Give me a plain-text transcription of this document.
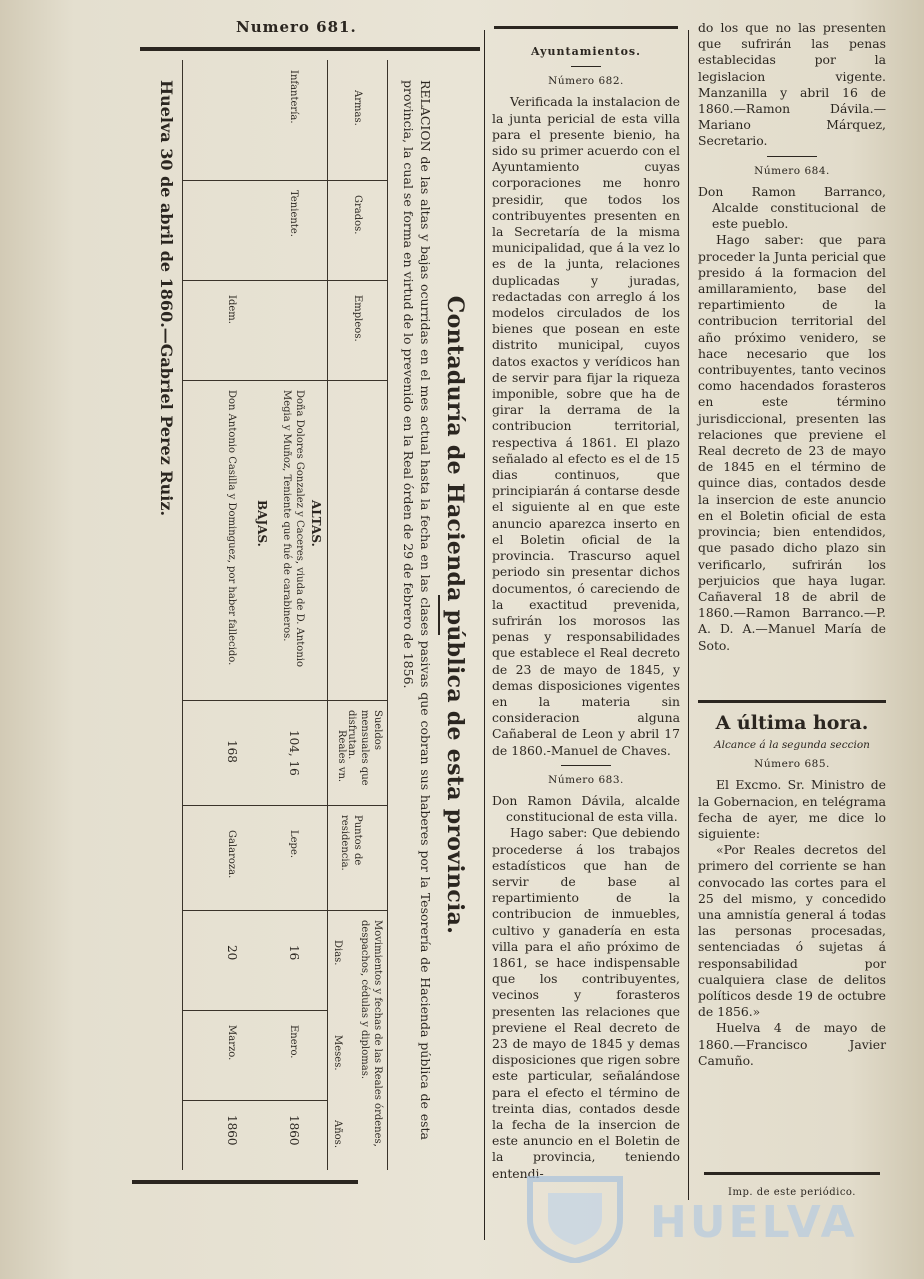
Numero 681.
Contaduría de Hacienda pública de esta provincia.
RELACION de las altas y bajas ocurridas en el mes actual hasta la fecha en las clases pasivas que cobran sus haberes por la Tesorería de Hacienda pública de esta provincia, la cual se forma en virtud de lo prevenido en la Real órden de 29 de febrero de 1856.
Armas.
Grados.
Empleos.
Sueldos mensuales que disfrutan.
Reales vn.
Puntos de residencia.
Movimientos y fechas de las Reales órdenes, despachos, cédulas y diplomas.
Dias.
Meses.
Años.
ALTAS.
Infantería.
Teniente.
Doña Dolores Gonzalez y Caceres, viuda de D. Antonio Megia y Muñoz, Teniente que fué de carabineros.
104, 16
Lepe.
16
Enero.
1860
BAJAS.
Idem.
Don Antonio Casilla y Dominguez, por haber fallecido.
168
Galaroza.
20
Marzo.
1860
Huelva 30 de abril de 1860.—Gabriel Perez Ruiz.
Ayuntamientos.
Número 682.

Verificada la instalacion de la junta pericial de esta villa para el presente bienio, ha sido su primer acuerdo con el Ayuntamiento cuyas corporaciones me honro presidir, que todos los contribuyentes presenten en la Secretaría de la misma municipalidad, que á la vez lo es de la junta, relaciones duplicadas y juradas, redactadas con arreglo á los modelos circulados de los bienes que posean en este distrito municipal, cuyos datos exactos y verídicos han de servir para fijar la riqueza imponible, sobre que ha de girar la derrama de la contribucion territorial, respectiva á 1861. El plazo señalado al efecto es el de 15 dias continuos, que principiarán á contarse desde el siguiente al en que este anuncio aparezca inserto en el Boletin oficial de la provincia. Trascurso aquel periodo sin presentar dichos documentos, ó careciendo de la exactitud prevenida, sufrirán los morosos las penas y responsabilidades que establece el Real decreto de 23 de mayo de 1845, y demas disposiciones vigentes en la materia sin consideracion alguna Cañaberal de Leon y abril 17 de 1860.-Manuel de Chaves.

Número 683.

Don Ramon Dávila, alcalde constitucional de esta villa.

Hago saber: Que debiendo procederse á los trabajos estadísticos que han de servir de base al repartimiento de la contribucion de inmuebles, cultivo y ganadería en esta villa para el año próximo de 1861, se hace indispensable que los contribuyentes, vecinos y forasteros presenten las relaciones que previene el Real decreto de 23 de mayo de 1845 y demas disposiciones que rigen sobre este particular, señalándose para el efecto el término de treinta dias, contados desde la fecha de la insercion de este anuncio en el Boletin de la provincia, teniendo entendi-

do los que no las presenten que sufrirán las penas establecidas por la legislacion vigente. Manzanilla y abril 16 de 1860.—Ramon Dávila.—Mariano Márquez, Secretario.

Número 684.

Don Ramon Barranco, Alcalde constitucional de este pueblo.

Hago saber: que para proceder la Junta pericial que presido á la formacion del amillaramiento, base del repartimiento de la contribucion territorial del año próximo venidero, se hace necesario que los contribuyentes, tanto vecinos como hacendados forasteros en este término jurisdiccional, presenten las relaciones que previene el Real decreto de 23 de mayo de 1845 en el término de quince dias, contados desde la insercion de este anuncio en el Boletin oficial de esta provincia; bien entendidos, que pasado dicho plazo sin verificarlo, sufrirán los perjuicios que haya lugar. Cañaveral 18 de abril de 1860.—Ramon Barranco.—P. A. D. A.—Manuel María de Soto.

A última hora.
Alcance á la segunda seccion
Número 685.

El Excmo. Sr. Ministro de la Gobernacion, en telégrama fecha de ayer, me dice lo siguiente:

«Por Reales decretos del primero del corriente se han convocado las cortes para el 25 del mismo, y concedido una amnistía general á todas las personas procesadas, sentenciadas ó sujetas á responsabilidad por cualquiera clase de delitos políticos desde 19 de octubre de 1856.»

Huelva 4 de mayo de 1860.—Francisco Javier Camuño.

Imp. de este periódico.
HUELVA
